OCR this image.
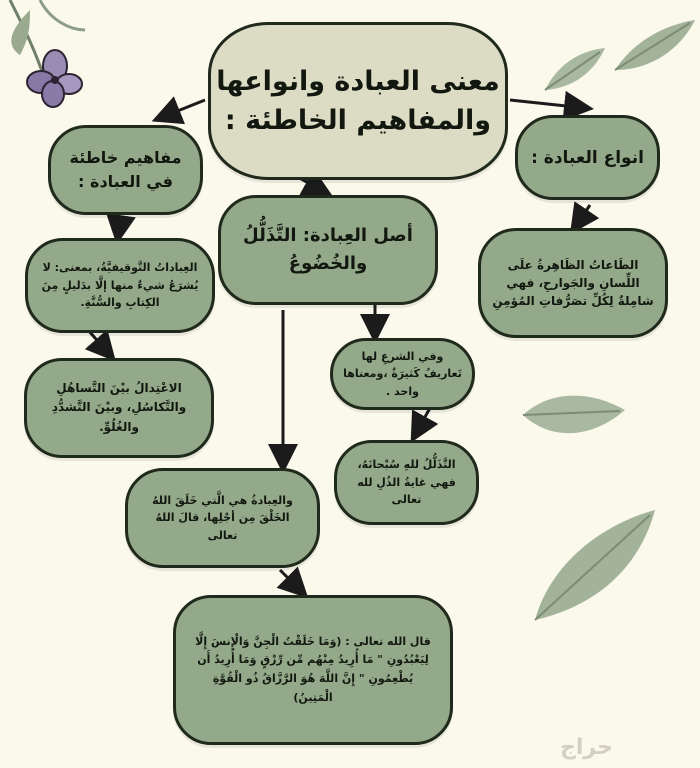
معنى العبادة وانواعها والمفاهيم الخاطئة :
انواع العبادة :
الطَاعاتُ الظَاهِرةُ علَى اللِّسانِ والجَوارحِ، فهي شامِلةٌ لِكُلِّ تصَرُّفاتِ المُؤمِنِ
مفاهيم خاطئة في العبادة :
العِباداتُ التَّوقيفيَّةُ، بمعنى: لا يُشرَعُ شيءٌ منها إلَّا بدَليلٍ مِنَ الكِتابِ والسُّنَّةِ.
الاعْتِدالُ بيْنَ التَّساهُلِ والتَّكاسُلِ، وبيْنَ التَّشدُّدِ والغُلُوِّ.
أصل العِبادة: التَّذَلُّلُ والخُضُوعُ
وفي الشرعِ لها تَعاريفُ كَثيرَةٌ ،ومعناها واحد .
التَّذَلُّلُ للهِ سُبْحانَهُ، فهي غايةُ الذُلِ لله تعالى
والعِبادةُ هي الَّتي خَلَقَ اللهُ الخَلْقَ مِن أجْلِها، قالَ اللهُ تعالى
قال الله تعالى : (وَمَا خَلَقْتُ الْجِنَّ وَالْإِنسَ إِلَّا لِيَعْبُدُونِ " مَا أُرِيدُ مِنْهُم مِّن رِّزْقٍ وَمَا أُرِيدُ أَن يُطْعِمُونِ " إِنَّ اللَّهَ هُوَ الرَّزَّاقُ ذُو الْقُوَّةِ الْمَتِينُ)
حراج
